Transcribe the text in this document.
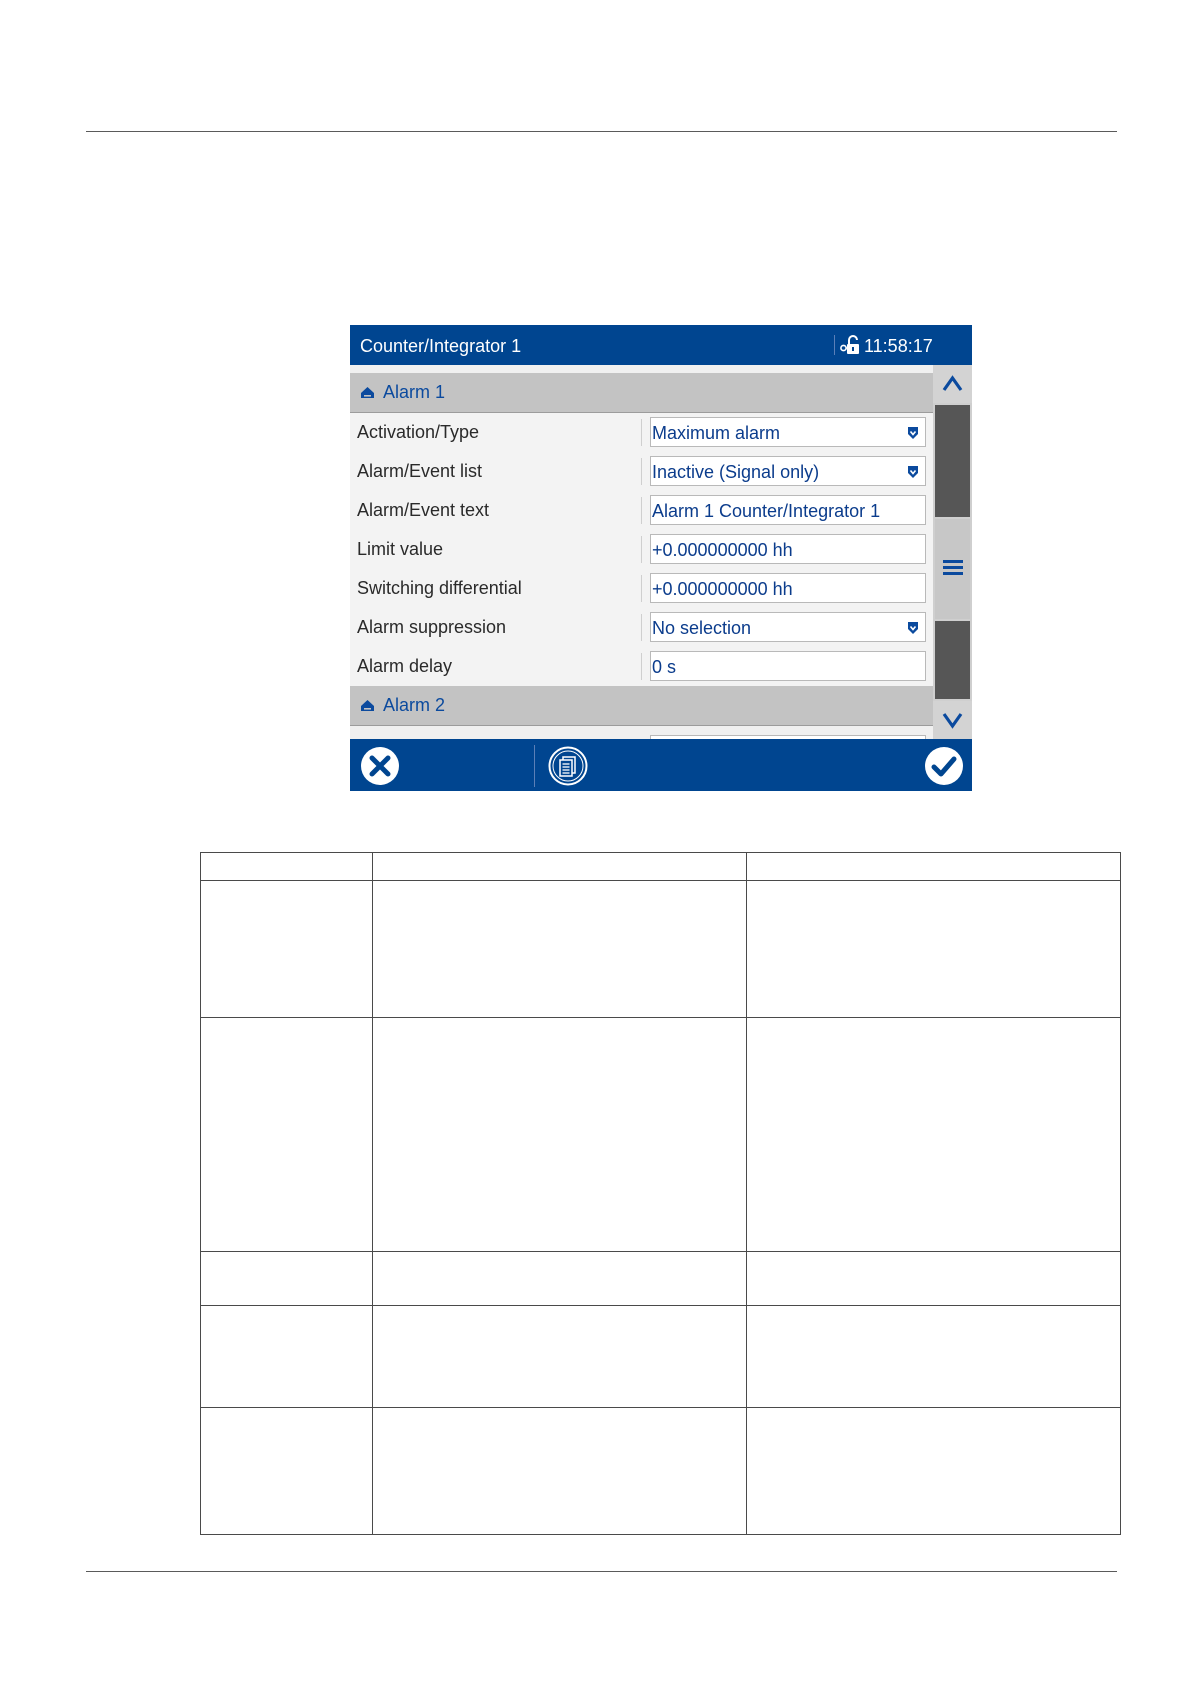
Counter/Integrator 1	11:58:17
Alarm 1
Activation/Type	Maximum alarm
Alarm/Event list	Inactive (Signal only)
Alarm/Event text	Alarm 1 Counter/Integrator 1
Limit value	+0.000000000 hh
Switching differential	+0.000000000 hh
Alarm suppression	No selection
Alarm delay	0 s
Alarm 2
